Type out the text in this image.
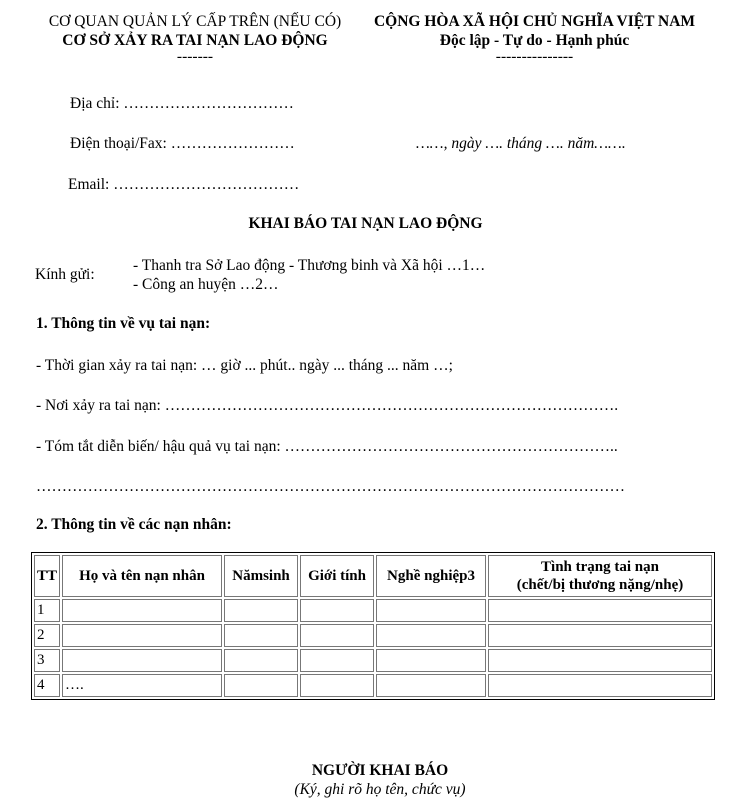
CƠ QUAN QUẢN LÝ CẤP TRÊN (NẾU CÓ)
CƠ SỞ XẢY RA TAI NẠN LAO ĐỘNG
-------
CỘNG HÒA XÃ HỘI CHỦ NGHĨA VIỆT NAM
Độc lập - Tự do - Hạnh phúc
---------------
Địa chỉ: ……………………………
Điện thoại/Fax: ……………………	……, ngày …. tháng …. năm…….
Email: ………………………………
KHAI BÁO TAI NẠN LAO ĐỘNG
Kính gửi:
- Thanh tra Sở Lao động - Thương binh và Xã hội …1…
- Công an huyện …2…
1. Thông tin về vụ tai nạn:
- Thời gian xảy ra tai nạn: … giờ ... phút.. ngày ... tháng ... năm …;
- Nơi xảy ra tai nạn: …………………………………………………………………………….
- Tóm tắt diễn biến/ hậu quả vụ tai nạn: ………………………………………………………..
……………………………………………………………………………………………………
2. Thông tin về các nạn nhân:
TT	Họ và tên nạn nhân	Nămsinh	Giới tính	Nghề nghiệp3	Tình trạng tai nạn
(chết/bị thương nặng/nhẹ)

1					
2					
3					
4	….				
NGƯỜI KHAI BÁO
(Ký, ghi rõ họ tên, chức vụ)
